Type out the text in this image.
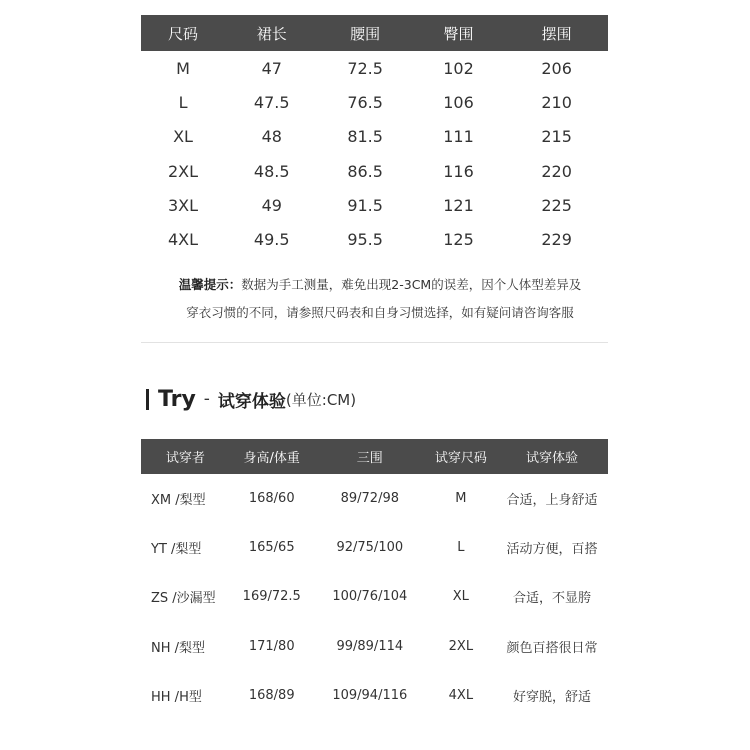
尺码	裙长	腰围	臀围	摆围
M	47	72.5	102	206
L	47.5	76.5	106	210
XL	48	81.5	111	215
2XL	48.5	86.5	116	220
3XL	49	91.5	121	225
4XL	49.5	95.5	125	229
温馨提示：数据为手工测量，难免出现2-3CM的误差，因个人体型差异及
穿衣习惯的不同，请参照尺码表和自身习惯选择，如有疑问请咨询客服
Try - 试穿体验 (单位:CM)
试穿者	身高/体重	三围	试穿尺码	试穿体验
XM /梨型	168/60	89/72/98	M	合适，上身舒适
YT /梨型	165/65	92/75/100	L	活动方便，百搭
ZS /沙漏型	169/72.5	100/76/104	XL	合适，不显胯
NH /梨型	171/80	99/89/114	2XL	颜色百搭很日常
HH /H型	168/89	109/94/116	4XL	好穿脱，舒适
